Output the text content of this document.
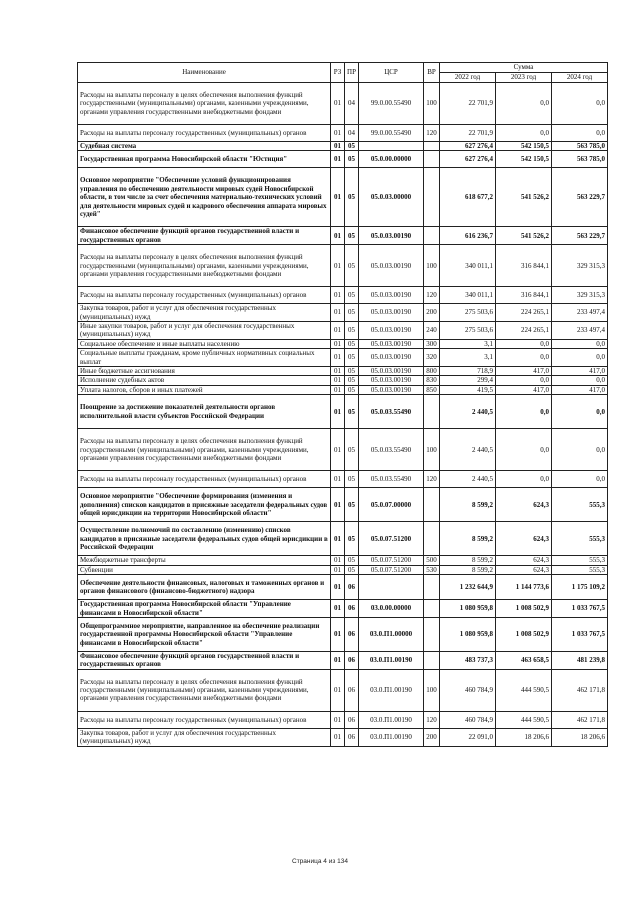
Наименование	РЗ	ПР	ЦСР	ВР	Сумма		
					2022 год	2023 год	2024 год
Расходы на выплаты персоналу в целях обеспечения выполнения функций государственными (муниципальными) органами, казенными учреждениями, органами управления государственными внебюджетными фондами	01	04	99.0.00.55490	100	22 701,9	0,0	0,0
Расходы на выплаты персоналу государственных (муниципальных) органов	01	04	99.0.00.55490	120	22 701,9	0,0	0,0
Судебная система	01	05			627 276,4	542 150,5	563 785,0
Государственная программа Новосибирской области "Юстиция"	01	05	05.0.00.00000		627 276,4	542 150,5	563 785,0
Основное мероприятие "Обеспечение условий функционирования управления по обеспечению деятельности мировых судей Новосибирской области, в том числе за счет обеспечения материально-технических условий для деятельности мировых судей и кадрового обеспечения аппарата мировых судей"	01	05	05.0.03.00000		618 677,2	541 526,2	563 229,7
Финансовое обеспечение функций органов государственной власти и государственных органов	01	05	05.0.03.00190		616 236,7	541 526,2	563 229,7
Расходы на выплаты персоналу в целях обеспечения выполнения функций государственными (муниципальными) органами, казенными учреждениями, органами управления государственными внебюджетными фондами	01	05	05.0.03.00190	100	340 011,1	316 844,1	329 315,3
Расходы на выплаты персоналу государственных (муниципальных) органов	01	05	05.0.03.00190	120	340 011,1	316 844,1	329 315,3
Закупка товаров, работ и услуг для обеспечения государственных (муниципальных) нужд	01	05	05.0.03.00190	200	275 503,6	224 265,1	233 497,4
Иные закупки товаров, работ и услуг для обеспечения государственных (муниципальных) нужд	01	05	05.0.03.00190	240	275 503,6	224 265,1	233 497,4
Социальное обеспечение и иные выплаты населению	01	05	05.0.03.00190	300	3,1	0,0	0,0
Социальные выплаты гражданам, кроме публичных нормативных социальных выплат	01	05	05.0.03.00190	320	3,1	0,0	0,0
Иные бюджетные ассигнования	01	05	05.0.03.00190	800	718,9	417,0	417,0
Исполнение судебных актов	01	05	05.0.03.00190	830	299,4	0,0	0,0
Уплата налогов, сборов и иных платежей	01	05	05.0.03.00190	850	419,5	417,0	417,0
Поощрение за достижение показателей деятельности органов исполнительной власти субъектов Российской Федерации	01	05	05.0.03.55490		2 440,5	0,0	0,0
Расходы на выплаты персоналу в целях обеспечения выполнения функций государственными (муниципальными) органами, казенными учреждениями, органами управления государственными внебюджетными фондами	01	05	05.0.03.55490	100	2 440,5	0,0	0,0
Расходы на выплаты персоналу государственных (муниципальных) органов	01	05	05.0.03.55490	120	2 440,5	0,0	0,0
Основное мероприятие "Обеспечение формирования (изменения и дополнения) списков кандидатов в присяжные заседатели федеральных судов общей юрисдикции на территории Новосибирской области"	01	05	05.0.07.00000		8 599,2	624,3	555,3
Осуществление полномочий по составлению (изменению) списков кандидатов в присяжные заседатели федеральных судов общей юрисдикции в Российской Федерации	01	05	05.0.07.51200		8 599,2	624,3	555,3
Межбюджетные трансферты	01	05	05.0.07.51200	500	8 599,2	624,3	555,3
Субвенции	01	05	05.0.07.51200	530	8 599,2	624,3	555,3
Обеспечение деятельности финансовых, налоговых и таможенных органов и органов финансового (финансово-бюджетного) надзора	01	06			1 232 644,9	1 144 773,6	1 175 109,2
Государственная программа Новосибирской области "Управление финансами в Новосибирской области"	01	06	03.0.00.00000		1 080 959,8	1 008 502,9	1 033 767,5
Общепрограммное мероприятие, направленное на обеспечение реализации государственной программы Новосибирской области "Управление финансами в Новосибирской области"	01	06	03.0.П1.00000		1 080 959,8	1 008 502,9	1 033 767,5
Финансовое обеспечение функций органов государственной власти и государственных органов	01	06	03.0.П1.00190		483 737,3	463 658,5	481 239,8
Расходы на выплаты персоналу в целях обеспечения выполнения функций государственными (муниципальными) органами, казенными учреждениями, органами управления государственными внебюджетными фондами	01	06	03.0.П1.00190	100	460 784,9	444 590,5	462 171,8
Расходы на выплаты персоналу государственных (муниципальных) органов	01	06	03.0.П1.00190	120	460 784,9	444 590,5	462 171,8
Закупка товаров, работ и услуг для обеспечения государственных (муниципальных) нужд	01	06	03.0.П1.00190	200	22 091,0	18 206,6	18 206,6
Страница 4 из 134
